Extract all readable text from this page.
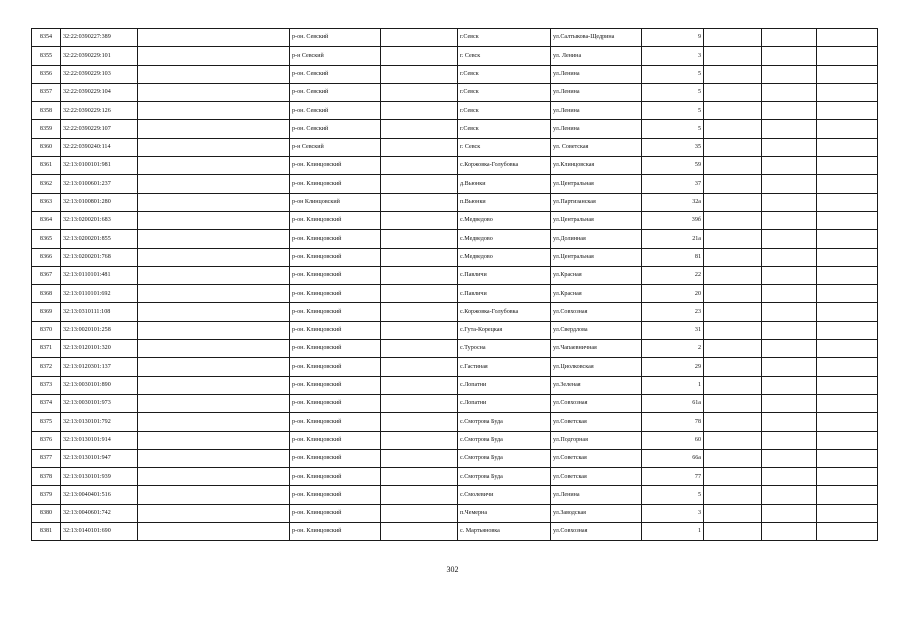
8354	32:22:0390227:389		р-он. Севский		г.Севск	ул.Салтыкова-Щедрина	9			
8355	32:22:0390229:101		р-н Севский		г. Севск	ул. Ленина	3			
8356	32:22:0390229:103		р-он. Севский		г.Севск	ул.Ленина	5			
8357	32:22:0390229:104		р-он. Севский		г.Севск	ул.Ленина	5			
8358	32:22:0390229:126		р-он. Севский		г.Севск	ул.Ленина	5			
8359	32:22:0390229:107		р-он. Севский		г.Севск	ул.Ленина	5			
8360	32:22:0390240:114		р-н Севский		г. Севск	ул. Советская	35			
8361	32:13:0100101:981		р-он. Клинцовский		с.Коржовка-Голубовка	ул.Клинцовская	59			
8362	32:13:0100601:237		р-он. Клинцовский		д.Вьюнки	ул.Центральная	37			
8363	32:13:0100801:280		р-он Клинцовский		п.Вьюнки	ул.Партизанская	32а			
8364	32:13:0200201:683		р-он. Клинцовский		с.Медведово	ул.Центральная	39б			
8365	32:13:0200201:855		р-он. Клинцовский		с.Медведово	ул.Долинная	21а			
8366	32:13:0200201:768		р-он. Клинцовский		с.Медведово	ул.Центральная	81			
8367	32:13:0110101:481		р-он. Клинцовский		с.Павличи	ул.Красная	22			
8368	32:13:0110101:692		р-он. Клинцовский		с.Павличи	ул.Красная	20			
8369	32:13:0310111:108		р-он. Клинцовский		с.Коржовка-Голубовка	ул.Совхозная	23			
8370	32:13:0020101:258		р-он. Клинцовский		с.Гута-Корецкая	ул.Свердлова	31			
8371	32:13:0120101:320		р-он. Клинцовский		с.Туросна	ул.Чапаевничная	2			
8372	32:13:0120301:137		р-он. Клинцовский		с.Гастиная	ул.Циолковская	29			
8373	32:13:0030101:890		р-он. Клинцовский		с.Лопатни	ул.Зеленая	1			
8374	32:13:0030101:973		р-он. Клинцовский		с.Лопатни	ул.Совхозная	61а			
8375	32:13:0130101:792		р-он. Клинцовский		с.Смотрова Буда	ул.Советская	78			
8376	32:13:0130101:914		р-он. Клинцовский		с.Смотрова Буда	ул.Подгорная	60			
8377	32:13:0130101:947		р-он. Клинцовский		с.Смотрова Буда	ул.Советская	66а			
8378	32:13:0130101:939		р-он. Клинцовский		с.Смотрова Буда	ул.Советская	77			
8379	32:13:0040401:516		р-он. Клинцовский		с.Смолевичи	ул.Ленина	5			
8380	32:13:0040601:742		р-он. Клинцовский		п.Чемерна	ул.Заводская	3			
8381	32:13:0140101:690		р-он. Клинцовский		с. Мартьяновка	ул.Совхозная	1			
302
